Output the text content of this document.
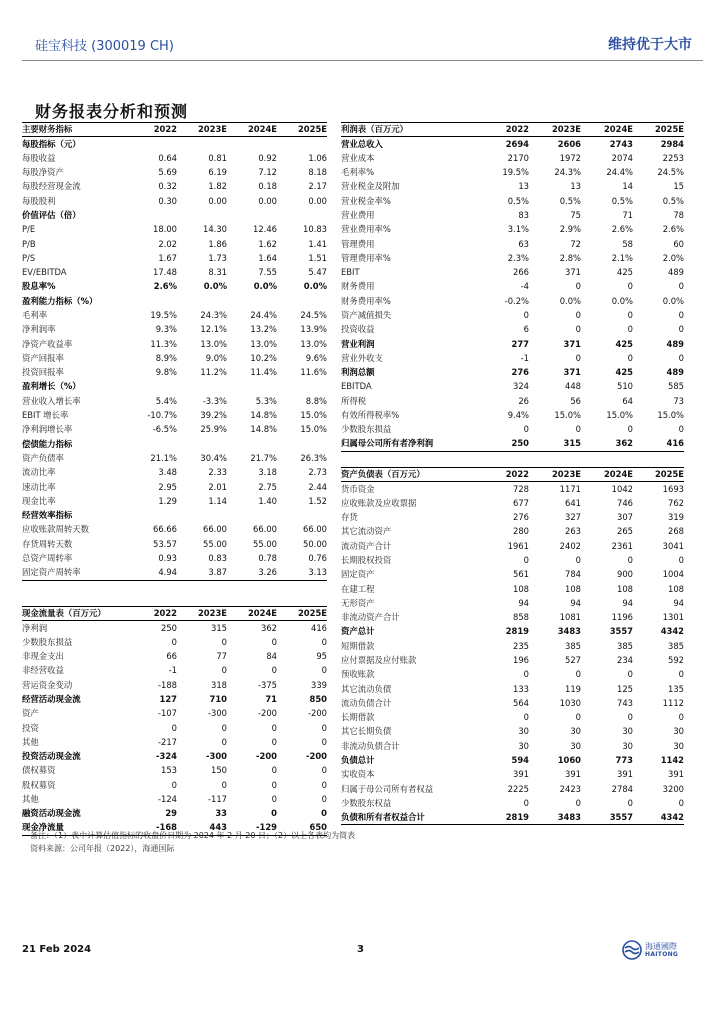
硅宝科技 (300019 CH)	维持优于大市
财务报表分析和预测
主要财务指标	2022	2023E	2024E	2025E
每股指标（元）				
每股收益	0.64	0.81	0.92	1.06
每股净资产	5.69	6.19	7.12	8.18
每股经营现金流	0.32	1.82	0.18	2.17
每股股利	0.30	0.00	0.00	0.00
价值评估（倍）				
P/E	18.00	14.30	12.46	10.83
P/B	2.02	1.86	1.62	1.41
P/S	1.67	1.73	1.64	1.51
EV/EBITDA	17.48	8.31	7.55	5.47
股息率%	2.6%	0.0%	0.0%	0.0%
盈利能力指标（%）				
毛利率	19.5%	24.3%	24.4%	24.5%
净利润率	9.3%	12.1%	13.2%	13.9%
净资产收益率	11.3%	13.0%	13.0%	13.0%
资产回报率	8.9%	9.0%	10.2%	9.6%
投资回报率	9.8%	11.2%	11.4%	11.6%
盈利增长（%）				
营业收入增长率	5.4%	-3.3%	5.3%	8.8%
EBIT 增长率	-10.7%	39.2%	14.8%	15.0%
净利润增长率	-6.5%	25.9%	14.8%	15.0%
偿债能力指标				
资产负债率	21.1%	30.4%	21.7%	26.3%
流动比率	3.48	2.33	3.18	2.73
速动比率	2.95	2.01	2.75	2.44
现金比率	1.29	1.14	1.40	1.52
经营效率指标				
应收账款周转天数	66.66	66.00	66.00	66.00
存货周转天数	53.57	55.00	55.00	50.00
总资产周转率	0.93	0.83	0.78	0.76
固定资产周转率	4.94	3.87	3.26	3.13
现金流量表（百万元）	2022	2023E	2024E	2025E
净利润	250	315	362	416
少数股东损益	0	0	0	0
非现金支出	66	77	84	95
非经营收益	-1	0	0	0
营运资金变动	-188	318	-375	339
经营活动现金流	127	710	71	850
资产	-107	-300	-200	-200
投资	0	0	0	0
其他	-217	0	0	0
投资活动现金流	-324	-300	-200	-200
债权募资	153	150	0	0
股权募资	0	0	0	0
其他	-124	-117	0	0
融资活动现金流	29	33	0	0
现金净流量	-168	443	-129	650
利润表（百万元）	2022	2023E	2024E	2025E
营业总收入	2694	2606	2743	2984
营业成本	2170	1972	2074	2253
毛利率%	19.5%	24.3%	24.4%	24.5%
营业税金及附加	13	13	14	15
营业税金率%	0.5%	0.5%	0.5%	0.5%
营业费用	83	75	71	78
营业费用率%	3.1%	2.9%	2.6%	2.6%
管理费用	63	72	58	60
管理费用率%	2.3%	2.8%	2.1%	2.0%
EBIT	266	371	425	489
财务费用	-4	0	0	0
财务费用率%	-0.2%	0.0%	0.0%	0.0%
资产减值损失	0	0	0	0
投资收益	6	0	0	0
营业利润	277	371	425	489
营业外收支	-1	0	0	0
利润总额	276	371	425	489
EBITDA	324	448	510	585
所得税	26	56	64	73
有效所得税率%	9.4%	15.0%	15.0%	15.0%
少数股东损益	0	0	0	0
归属母公司所有者净利润	250	315	362	416
资产负债表（百万元）	2022	2023E	2024E	2025E
货币资金	728	1171	1042	1693
应收账款及应收票据	677	641	746	762
存货	276	327	307	319
其它流动资产	280	263	265	268
流动资产合计	1961	2402	2361	3041
长期股权投资	0	0	0	0
固定资产	561	784	900	1004
在建工程	108	108	108	108
无形资产	94	94	94	94
非流动资产合计	858	1081	1196	1301
资产总计	2819	3483	3557	4342
短期借款	235	385	385	385
应付票据及应付账款	196	527	234	592
预收账款	0	0	0	0
其它流动负债	133	119	125	135
流动负债合计	564	1030	743	1112
长期借款	0	0	0	0
其它长期负债	30	30	30	30
非流动负债合计	30	30	30	30
负债总计	594	1060	773	1142
实收资本	391	391	391	391
归属于母公司所有者权益	2225	2423	2784	3200
少数股东权益	0	0	0	0
负债和所有者权益合计	2819	3483	3557	4342
备注：（1）表中计算估值指标的收盘价日期为 2024 年 2 月 20 日；（2）以上各表均为简表
资料来源：公司年报（2022），海通国际
21 Feb 2024	3	海通國際
HAITONG
